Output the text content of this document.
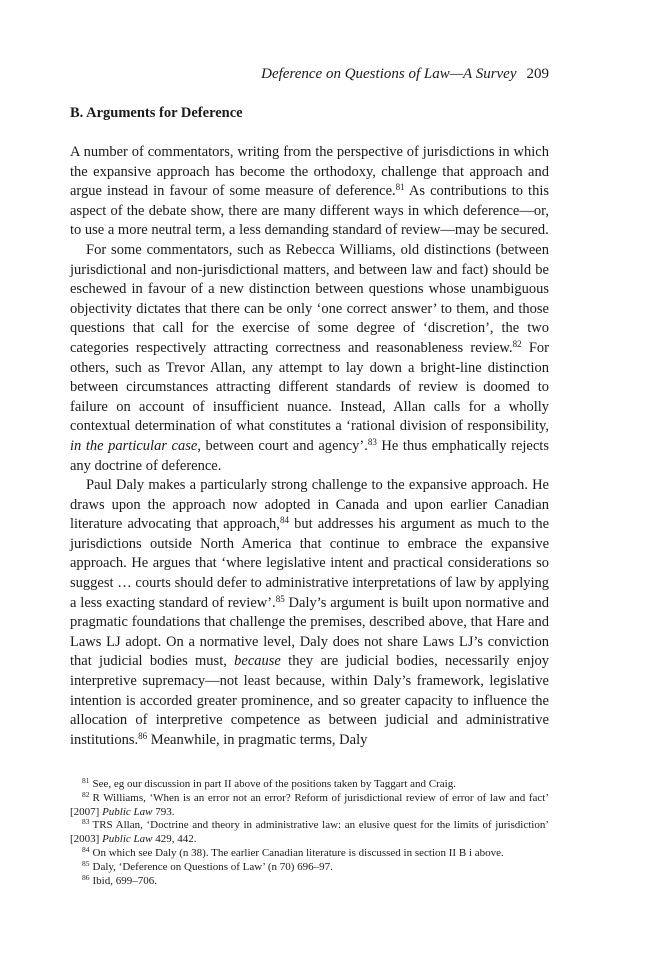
Deference on Questions of Law—A Survey 209
B. Arguments for Deference

A number of commentators, writing from the perspective of jurisdictions in which the expansive approach has become the orthodoxy, challenge that approach and argue instead in favour of some measure of deference.$^{81}$ As contributions to this aspect of the debate show, there are many different ways in which deference—or, to use a more neutral term, a less demanding standard of review—may be secured.

For some commentators, such as Rebecca Williams, old distinctions (between jurisdictional and non-jurisdictional matters, and between law and fact) should be eschewed in favour of a new distinction between questions whose unambiguous objectivity dictates that there can be only ‘one correct answer’ to them, and those questions that call for the exercise of some degree of ‘discretion’, the two categories respectively attracting correctness and reasonableness review.$^{82}$ For others, such as Trevor Allan, any attempt to lay down a bright-line distinction between circumstances attracting different standards of review is doomed to failure on account of insufficient nuance. Instead, Allan calls for a wholly contextual determination of what constitutes a ‘rational division of responsibility, in the particular case, between court and agency’.$^{83}$ He thus emphatically rejects any doctrine of deference.

Paul Daly makes a particularly strong challenge to the expansive approach. He draws upon the approach now adopted in Canada and upon earlier Canadian literature advocating that approach,$^{84}$ but addresses his argument as much to the jurisdictions outside North America that continue to embrace the expansive approach. He argues that ‘where legislative intent and practical considerations so suggest … courts should defer to administrative interpretations of law by applying a less exacting standard of review’.$^{85}$ Daly’s argument is built upon normative and pragmatic foundations that challenge the premises, described above, that Hare and Laws LJ adopt. On a normative level, Daly does not share Laws LJ’s conviction that judicial bodies must, because they are judicial bodies, necessarily enjoy interpretive supremacy—not least because, within Daly’s framework, legislative intention is accorded greater prominence, and so greater capacity to influence the allocation of interpretive competence as between judicial and administrative institutions.$^{86}$ Meanwhile, in pragmatic terms, Daly

$^{81}$ See, eg our discussion in part II above of the positions taken by Taggart and Craig.

$^{82}$ R Williams, ‘When is an error not an error? Reform of jurisdictional review of error of law and fact’ [2007] Public Law 793.

$^{83}$ TRS Allan, ‘Doctrine and theory in administrative law: an elusive quest for the limits of jurisdiction’ [2003] Public Law 429, 442.

$^{84}$ On which see Daly (n 38). The earlier Canadian literature is discussed in section II B i above.

$^{85}$ Daly, ‘Deference on Questions of Law’ (n 70) 696–97.

$^{86}$ Ibid, 699–706.
